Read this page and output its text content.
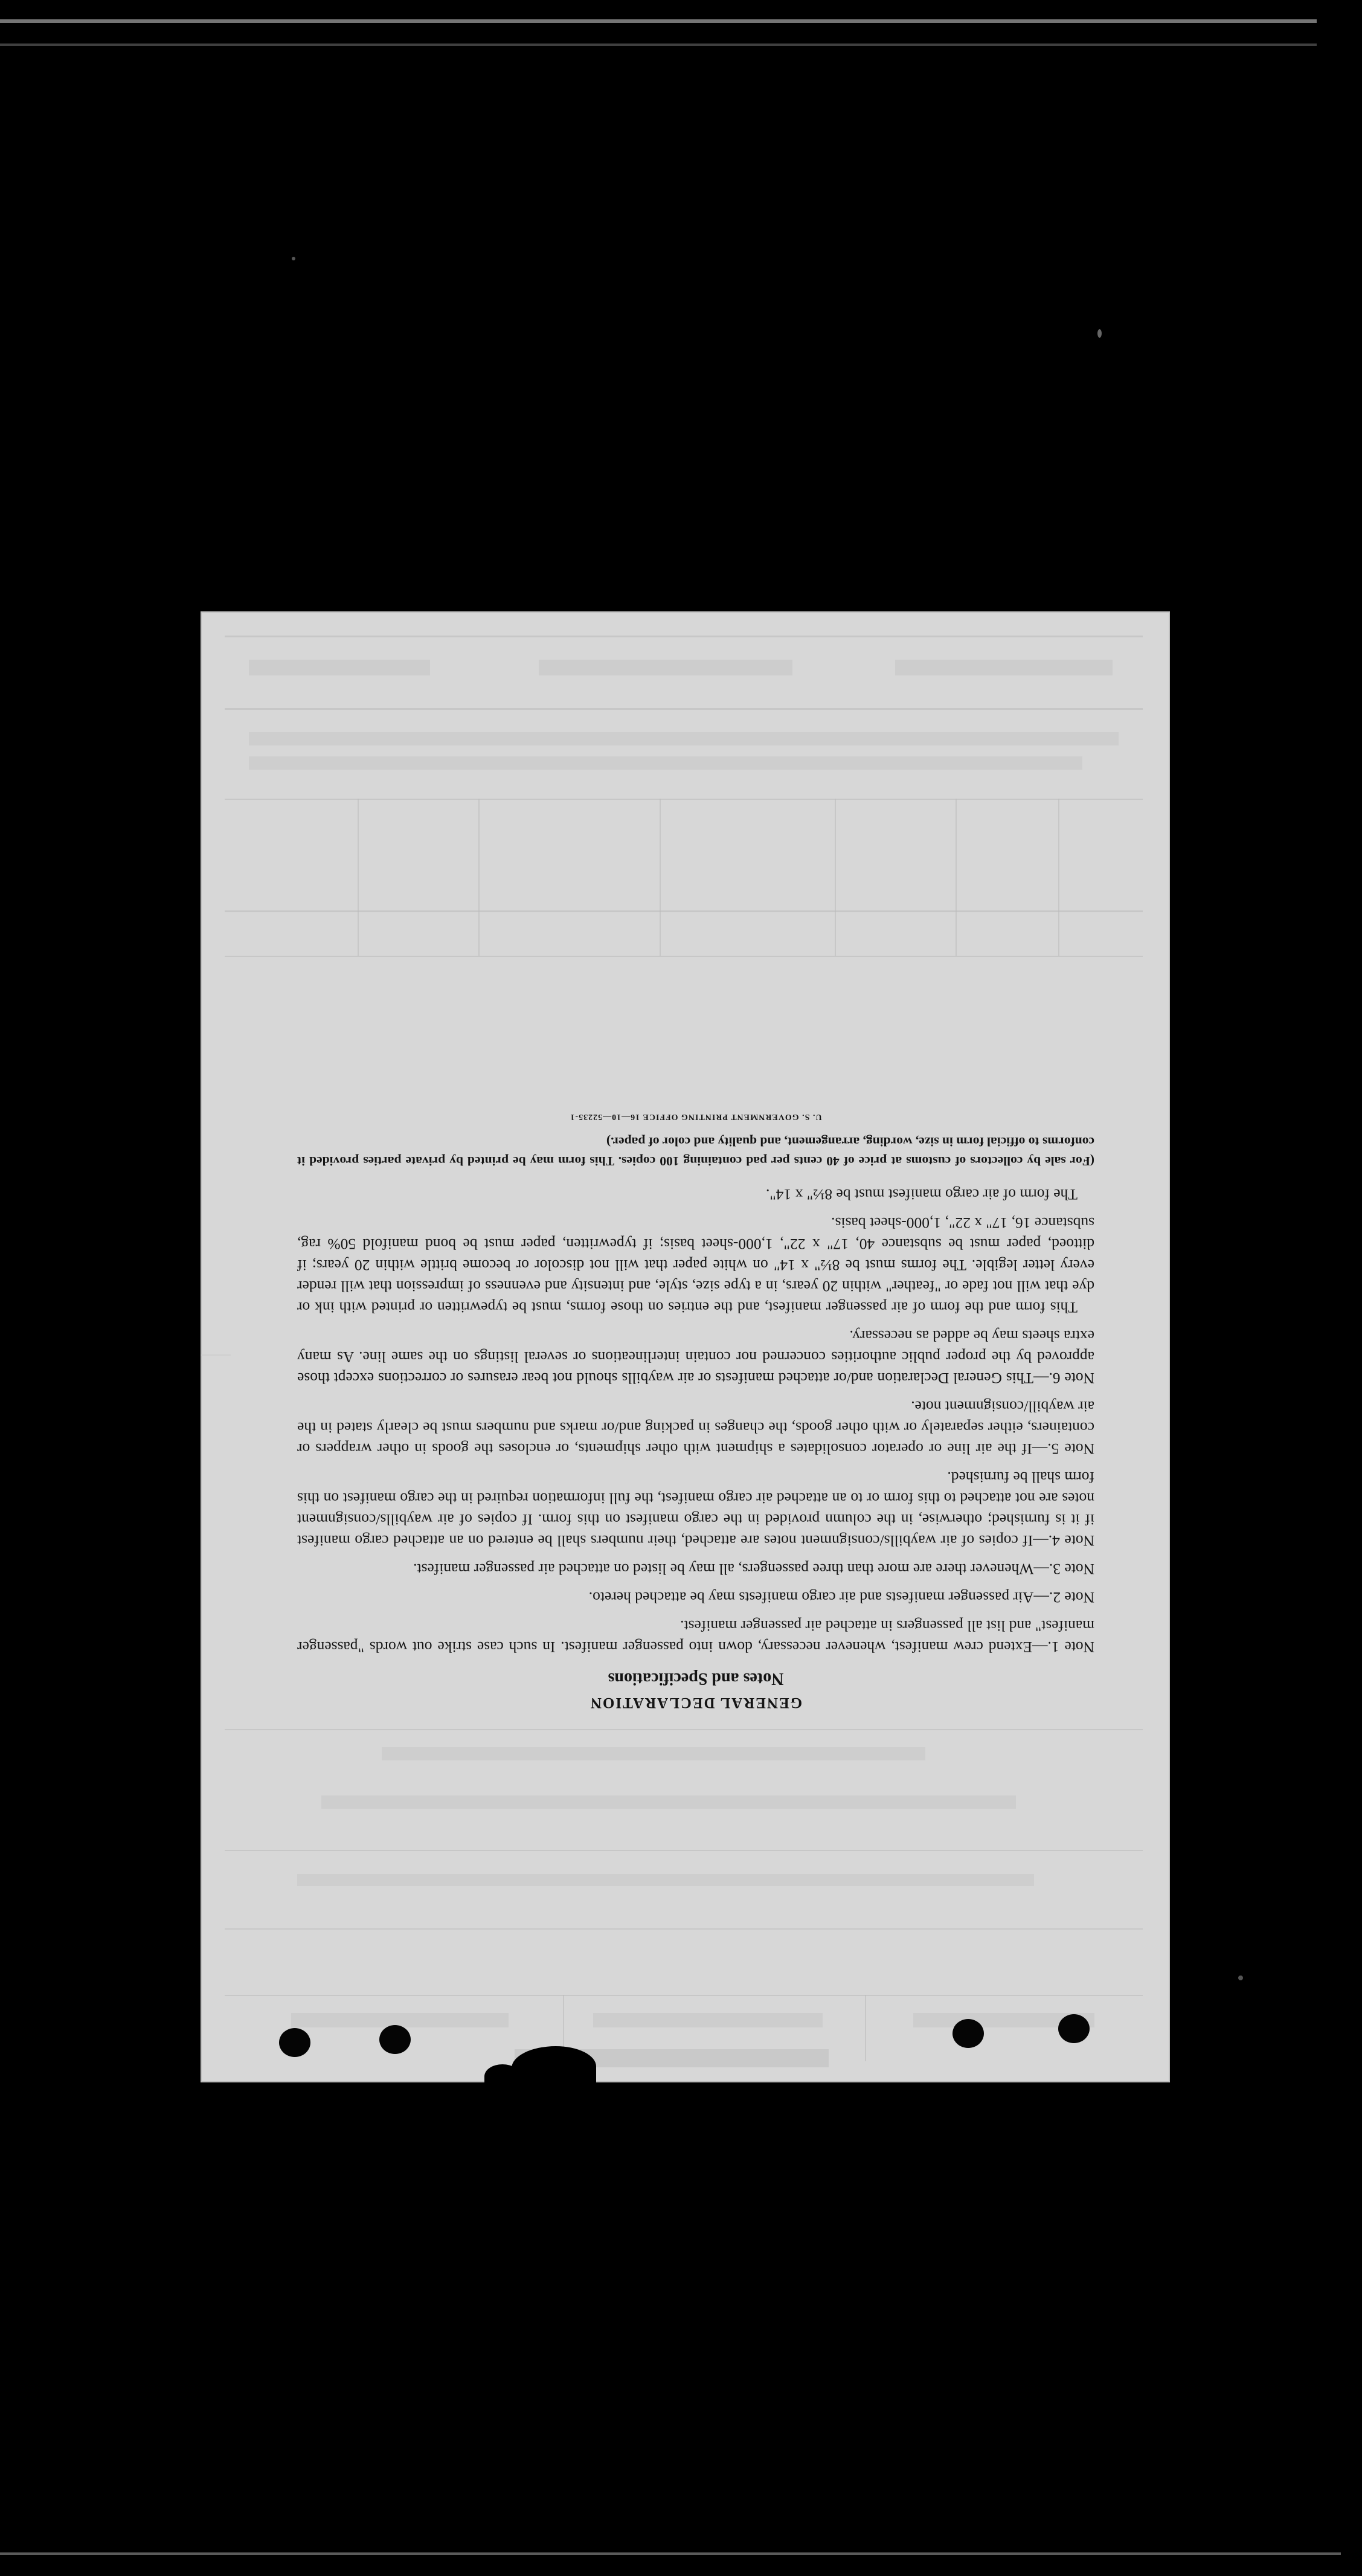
GENERAL DECLARATION
Notes and Specifications

Note 1.—Extend crew manifest, whenever necessary, down into passenger manifest. In such case strike out words "passenger manifest" and list all passengers in attached air passenger manifest.

Note 2.—Air passenger manifests and air cargo manifests may be attached hereto.

Note 3.—Whenever there are more than three passengers, all may be listed on attached air passenger manifest.

Note 4.—If copies of air waybills/consignment notes are attached, their numbers shall be entered on an attached cargo manifest if it is furnished; otherwise, in the column provided in the cargo manifest on this form. If copies of air waybills/consignment notes are not attached to this form or to an attached air cargo manifest, the full information required in the cargo manifest on this form shall be furnished.

Note 5.—If the air line or operator consolidates a shipment with other shipments, or encloses the goods in other wrappers or containers, either separately or with other goods, the changes in packing and/or marks and numbers must be clearly stated in the air waybill/consignment note.

Note 6.—This General Declaration and/or attached manifests or air waybills should not bear erasures or corrections except those approved by the proper public authorities concerned nor contain interlineations or several listings on the same line. As many extra sheets may be added as necessary.

This form and the form of air passenger manifest, and the entries on those forms, must be typewritten or printed with ink or dye that will not fade or "feather" within 20 years, in a type size, style, and intensity and evenness of impression that will render every letter legible. The forms must be 8½" x 14" on white paper that will not discolor or become brittle within 20 years; if dittoed, paper must be substance 40, 17" x 22", 1,000-sheet basis; if typewritten, paper must be bond manifold 50% rag, substance 16, 17" x 22", 1,000-sheet basis.

The form of air cargo manifest must be 8½" x 14".

(For sale by collectors of customs at price of 40 cents per pad containing 100 copies. This form may be printed by private parties provided it conforms to official form in size, wording, arrangement, and quality and color of paper.)

U. S. GOVERNMENT PRINTING OFFICE 16—10—52235-1
